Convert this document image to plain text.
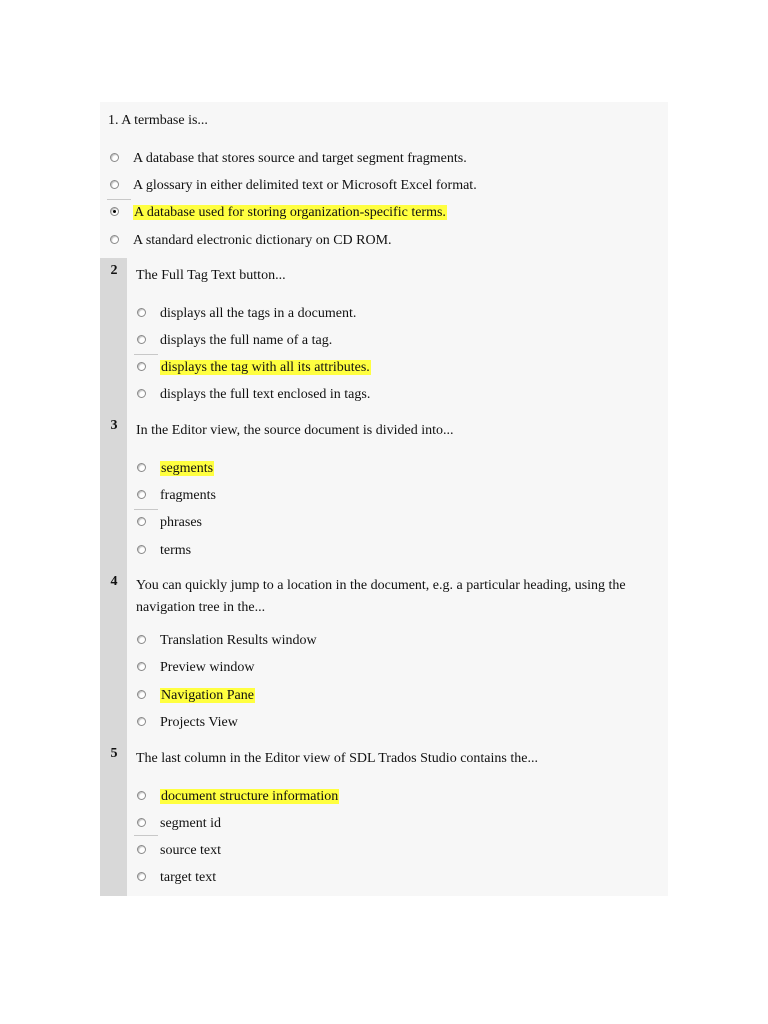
1. A termbase is...
A database that stores source and target segment fragments.
A glossary in either delimited text or Microsoft Excel format.
A database used for storing organization-specific terms.
A standard electronic dictionary on CD ROM.
2	The Full Tag Text button...
displays all the tags in a document.
displays the full name of a tag.
displays the tag with all its attributes.
displays the full text enclosed in tags.
3	In the Editor view, the source document is divided into...
segments
fragments
phrases
terms
4	You can quickly jump to a location in the document, e.g. a particular heading, using the navigation tree in the...
Translation Results window
Preview window
Navigation Pane
Projects View
5	The last column in the Editor view of SDL Trados Studio contains the...
document structure information
segment id
source text
target text
